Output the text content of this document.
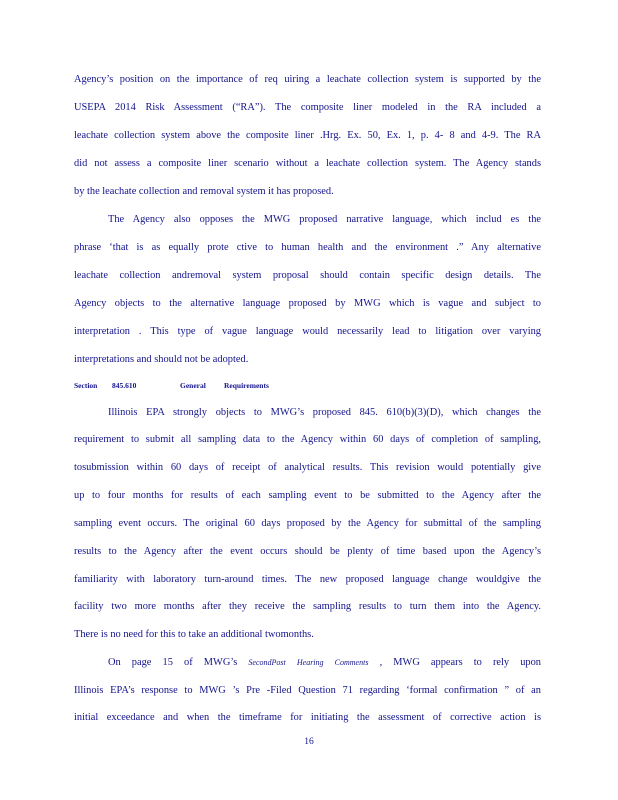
Agency’s position on the importance of req uiring a leachate collection system is supported by the
USEPA 2014 Risk Assessment (“RA”). The composite liner modeled in the RA included a
leachate collection system above the composite liner .Hrg. Ex. 50, Ex. 1, p. 4- 8 and 4-9. The RA
did not assess a composite liner scenario without a leachate collection system. The Agency stands
by the leachate collection and removal system it has proposed.
The Agency also opposes the MWG proposed narrative language, which includ es the
phrase ‘that is as equally prote ctive to human health and the environment .” Any alternative
leachate collection andremoval system proposal should contain specific design details. The
Agency objects to the alternative language proposed by MWG which is vague and subject to
interpretation . This type of vague language would necessarily lead to litigation over varying
interpretations and should not be adopted.
Section 845.610	General Requirements
Illinois EPA strongly objects to MWG’s proposed 845. 610(b)(3)(D), which changes the
requirement to submit all sampling data to the Agency within 60 days of completion of sampling,
tosubmission within 60 days of receipt of analytical results. This revision would potentially give
up to four months for results of each sampling event to be submitted to the Agency after the
sampling event occurs. The original 60 days proposed by the Agency for submittal of the sampling
results to the Agency after the event occurs should be plenty of time based upon the Agency’s
familiarity with laboratory turn-around times. The new proposed language change wouldgive the
facility two more months after they receive the sampling results to turn them into the Agency.
There is no need for this to take an additional twomonths.
On page 15 of MWG’s SecondPost Hearing Comments , MWG appears to rely upon
Illinois EPA’s response to MWG ’s Pre -Filed Question 71 regarding ‘formal confirmation ” of an
initial exceedance and when the timeframe for initiating the assessment of corrective action is
16
